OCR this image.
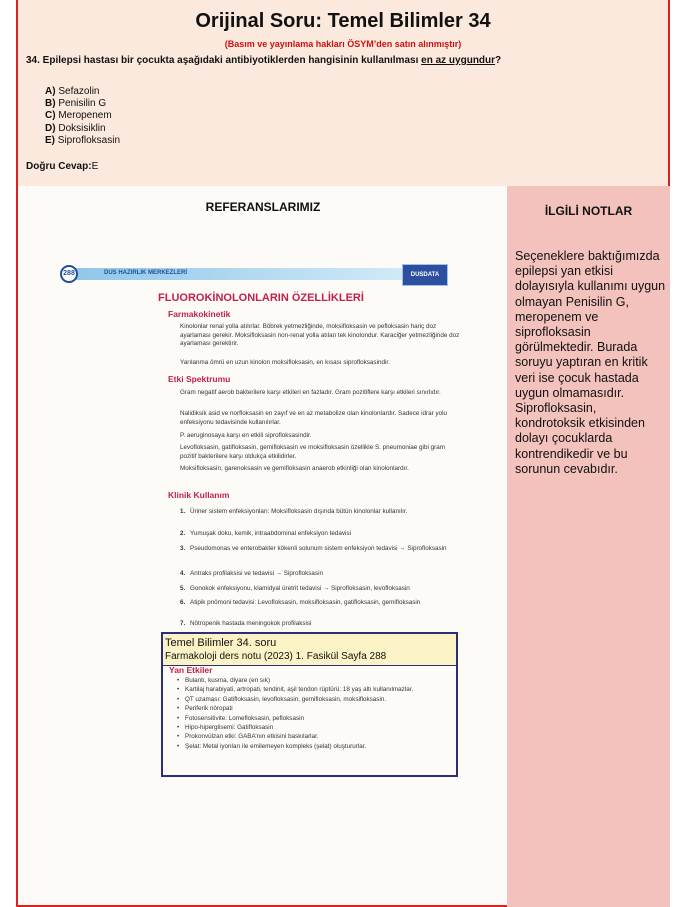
Orijinal Soru: Temel Bilimler 34
(Basım ve yayınlama hakları ÖSYM’den satın alınmıştır)
34. Epilepsi hastası bir çocukta aşağıdaki antibiyotiklerden hangisinin kullanılması en az uygundur?
A) Sefazolin
B) Penisilin G
C) Meropenem
D) Doksisiklin
E) Siprofloksasin
Doğru Cevap:E
REFERANSLARIMIZ
288	DUS HAZIRLIK MERKEZLERİ	DUSDATA
FLUOROKİNOLONLARIN ÖZELLİKLERİ
Farmakokinetik
Kinolonlar renal yolla atılırlar. Böbrek yetmezliğinde, moksifloksasin ve pefloksasin hariç doz ayarlaması gerekir. Moksifloksasin non-renal yolla atılan tek kinolondur. Karaciğer yetmezliğinde doz ayarlaması gerektirir.
Yarılanma ömrü en uzun kinolon moksifloksasin, en kısası siprofloksasindir.
Etki Spektrumu
Gram negatif aerob bakterilere karşı etkileri en fazladır. Gram pozitiflere karşı etkileri sınırlıdır.
Nalidiksik asid ve norfloksasin en zayıf ve en az metabolize olan kinolonlardır. Sadece idrar yolu enfeksiyonu tedavisinde kullanılırlar.
P. aeruginosaya karşı en etkili siprofloksasindir.
Levofloksasin, gatifloksasin, gemifloksasin ve moksifloksasin özellikle S. pneumoniae gibi gram pozitif bakterilere karşı oldukça etkilidirler.
Moksifloksasin, garenoksasin ve gemifloksasin anaerob etkinliği olan kinolonlardır.
Klinik Kullanım
1. Üriner sistem enfeksiyonları: Moksifloksasin dışında bütün kinolonlar kullanılır.
2. Yumuşak doku, kemik, intraabdominal enfeksiyon tedavisi
3. Pseudomonas ve enterobakter kökenli solunum sistem enfeksiyon tedavisi → Siprofloksasin
4. Antraks profilaksisi ve tedavisi → Siprofloksasin
5. Gonokok enfeksiyonu, klamidyal üretrit tedavisi → Siprofloksasin, levofloksasin
6. Atipik pnömoni tedavisi: Levofloksasin, moksifloksasin, gatifloksasin, gemifloksasin
7. Nötropenik hastada meningokok profilaksisi
Temel Bilimler 34. soru
Farmakoloji ders notu (2023) 1. Fasikül Sayfa 288
Yan Etkiler
• Bulantı, kusma, diyare (en sık)
• Kartilaj harabiyati, artropati, tendinit, aşil tendon rüptürü: 18 yaş altı kullanılmazlar.
• QT uzaması: Gatifloksasin, levofloksasin, gemifloksasin, moksifloksasin.
• Periferik nöropati
• Fotosensitivite: Lomefloksasin, pefloksasin
• Hipo-hiperglisemi: Gatifloksasin
• Prokonvülzan etki: GABA’nın etkisini baskılarlar.
• Şelat: Metal iyonları ile emilemeyen kompleks (şelat) oluştururlar.
İLGİLİ NOTLAR
Seçeneklere baktığımızda epilepsi yan etkisi dolayısıyla kullanımı uygun olmayan Penisilin G, meropenem ve siprofloksasin görülmektedir. Burada soruyu yaptıran en kritik veri ise çocuk hastada uygun olmamasıdır. Siprofloksasin, kondrotoksik etkisinden dolayı çocuklarda kontrendikedir ve bu sorunun cevabıdır.
